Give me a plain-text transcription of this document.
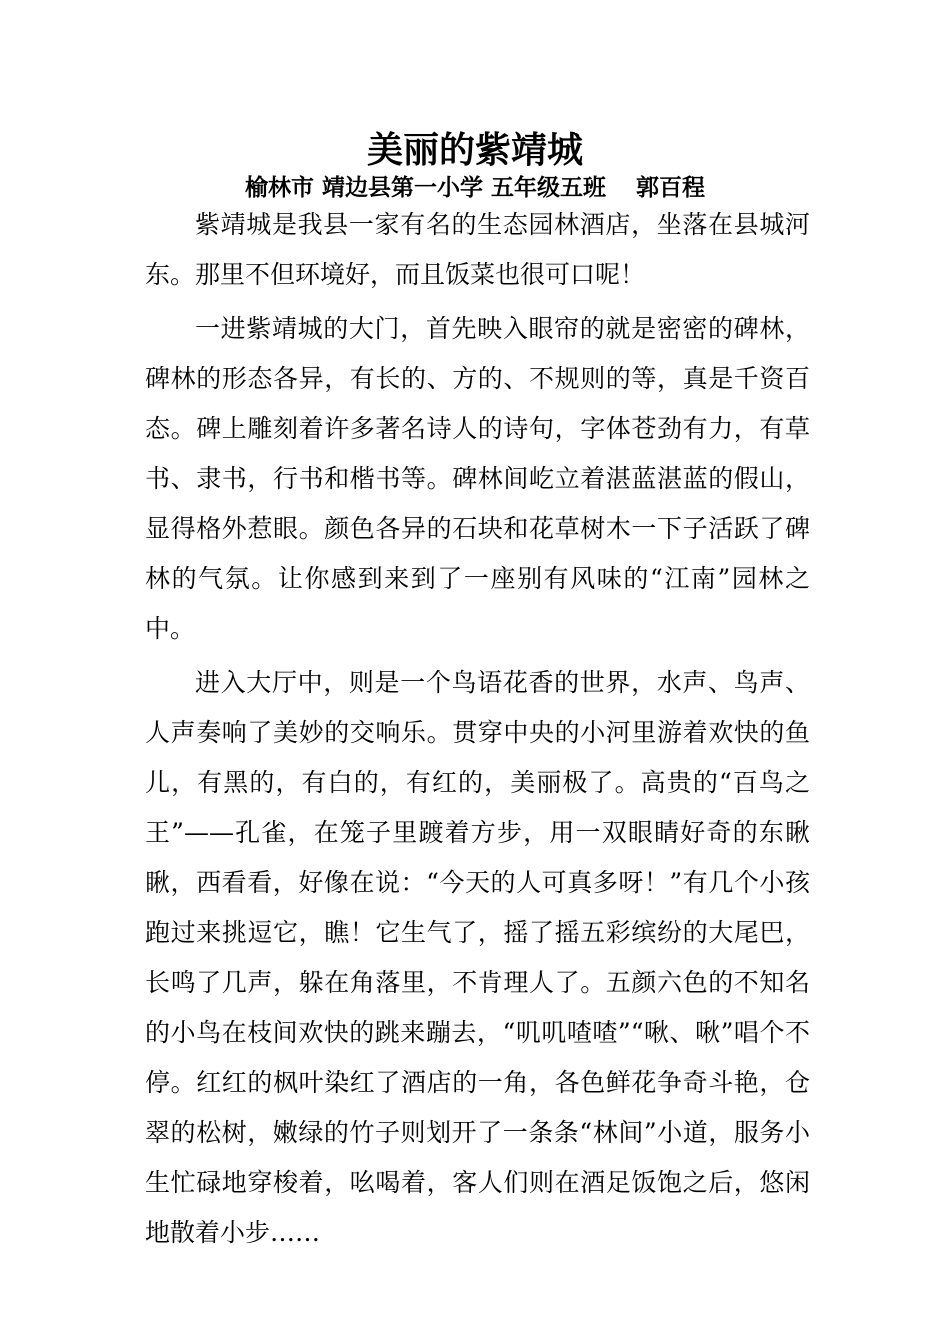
美丽的紫靖城
榆林市 靖边县第一小学 五年级五班 郭百程

紫靖城是我县一家有名的生态园林酒店，坐落在县城河东。那里不但环境好，而且饭菜也很可口呢！

一进紫靖城的大门，首先映入眼帘的就是密密的碑林，碑林的形态各异，有长的、方的、不规则的等，真是千资百态。碑上雕刻着许多著名诗人的诗句，字体苍劲有力，有草书、隶书，行书和楷书等。碑林间屹立着湛蓝湛蓝的假山，显得格外惹眼。颜色各异的石块和花草树木一下子活跃了碑林的气氛。让你感到来到了一座别有风味的“江南”园林之中。

进入大厅中，则是一个鸟语花香的世界，水声、鸟声、人声奏响了美妙的交响乐。贯穿中央的小河里游着欢快的鱼儿，有黑的，有白的，有红的，美丽极了。高贵的“百鸟之王”——孔雀，在笼子里踱着方步，用一双眼睛好奇的东瞅瞅，西看看，好像在说：“今天的人可真多呀！”有几个小孩跑过来挑逗它，瞧！它生气了，摇了摇五彩缤纷的大尾巴，长鸣了几声，躲在角落里，不肯理人了。五颜六色的不知名的小鸟在枝间欢快的跳来蹦去，“叽叽喳喳”“啾、啾”唱个不停。红红的枫叶染红了酒店的一角，各色鲜花争奇斗艳，仓翠的松树，嫩绿的竹子则划开了一条条“林间”小道，服务小生忙碌地穿梭着，吆喝着，客人们则在酒足饭饱之后，悠闲地散着小步……
